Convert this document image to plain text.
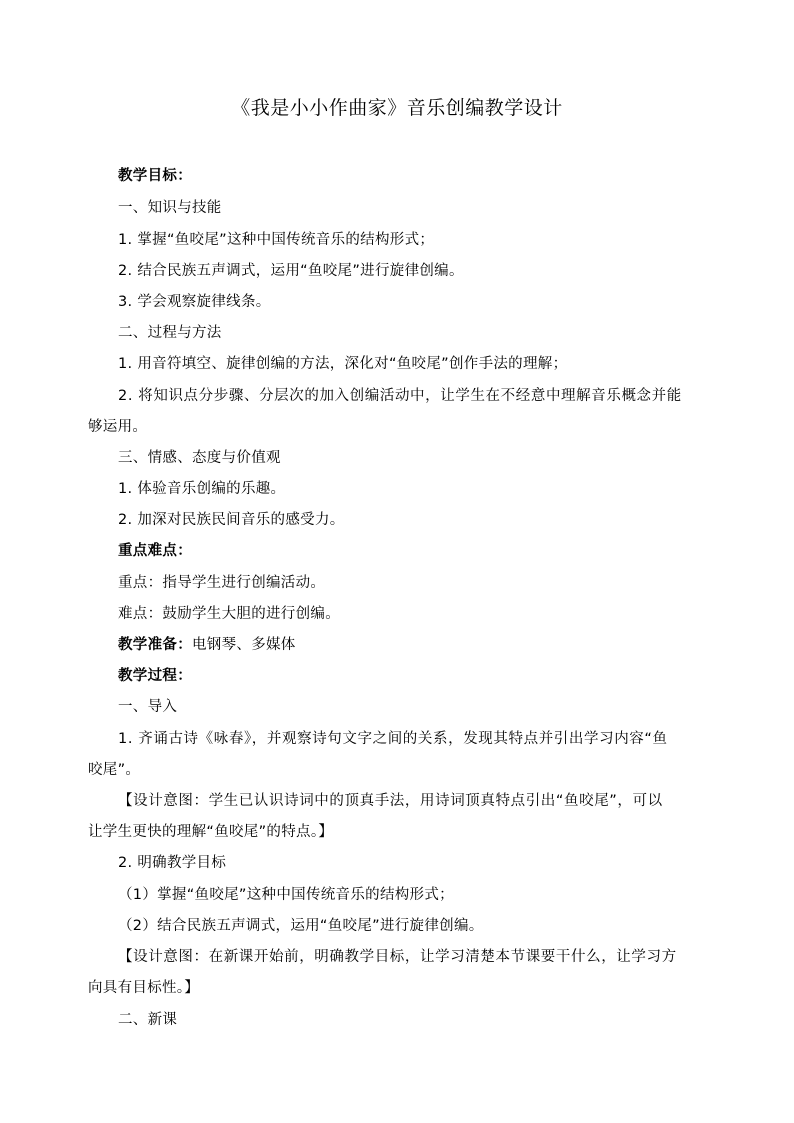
《我是小小作曲家》音乐创编教学设计
教学目标：
一、知识与技能
1. 掌握“鱼咬尾”这种中国传统音乐的结构形式；
2. 结合民族五声调式，运用“鱼咬尾”进行旋律创编。
3. 学会观察旋律线条。
二、过程与方法
1. 用音符填空、旋律创编的方法，深化对“鱼咬尾”创作手法的理解；
2. 将知识点分步骤、分层次的加入创编活动中，让学生在不经意中理解音乐概念并能
够运用。
三、情感、态度与价值观
1. 体验音乐创编的乐趣。
2. 加深对民族民间音乐的感受力。
重点难点：
重点：指导学生进行创编活动。
难点：鼓励学生大胆的进行创编。
教学准备：电钢琴、多媒体
教学过程：
一、导入
1. 齐诵古诗《咏春》，并观察诗句文字之间的关系，发现其特点并引出学习内容“鱼
咬尾”。
【设计意图：学生已认识诗词中的顶真手法，用诗词顶真特点引出“鱼咬尾”，可以
让学生更快的理解“鱼咬尾”的特点。】
2. 明确教学目标
（1）掌握“鱼咬尾”这种中国传统音乐的结构形式；
（2）结合民族五声调式，运用“鱼咬尾”进行旋律创编。
【设计意图：在新课开始前，明确教学目标，让学习清楚本节课要干什么，让学习方
向具有目标性。】
二、新课
